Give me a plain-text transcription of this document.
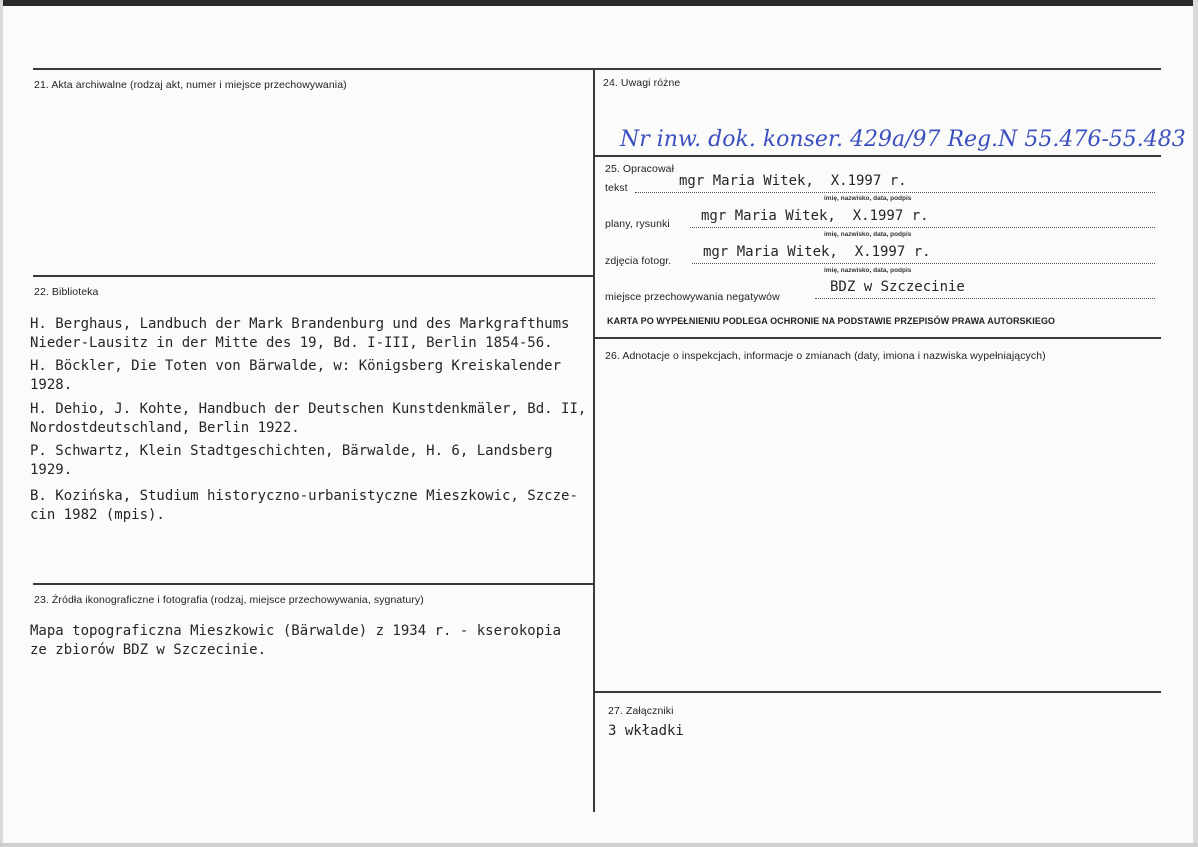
21. Akta archiwalne (rodzaj akt, numer i miejsce przechowywania)
22. Biblioteka
H. Berghaus, Landbuch der Mark Brandenburg und des Markgrafthums
Nieder-Lausitz in der Mitte des 19, Bd. I-III, Berlin 1854-56.
H. Böckler, Die Toten von Bärwalde, w: Königsberg Kreiskalender
1928.
H. Dehio, J. Kohte, Handbuch der Deutschen Kunstdenkmäler, Bd. II,
Nordostdeutschland, Berlin 1922.
P. Schwartz, Klein Stadtgeschichten, Bärwalde, H. 6, Landsberg
1929.
B. Kozińska, Studium historyczno-urbanistyczne Mieszkowic, Szcze-
cin 1982 (mpis).
23. Źródła ikonograficzne i fotografia (rodzaj, miejsce przechowywania, sygnatury)
Mapa topograficzna Mieszkowic (Bärwalde) z 1934 r. - kserokopia
ze zbiorów BDZ w Szczecinie.
24. Uwagi różne
Nr inw. dok. konser. 429a/97 Reg.N 55.476-55.483
25. Opracował
tekst	mgr Maria Witek,  X.1997 r.
imię, nazwisko, data, podpis
plany, rysunki mgr Maria Witek,  X.1997 r.
imię, nazwisko, data, podpis
zdjęcia fotogr.
mgr Maria Witek,  X.1997 r.
imię, nazwisko, data, podpis
miejsce przechowywania negatywów
BDZ w Szczecinie
KARTA PO WYPEŁNIENIU PODLEGA OCHRONIE NA PODSTAWIE PRZEPISÓW PRAWA AUTORSKIEGO
26. Adnotacje o inspekcjach, informacje o zmianach (daty, imiona i nazwiska wypełniających)
27. Załączniki
3 wkładki
